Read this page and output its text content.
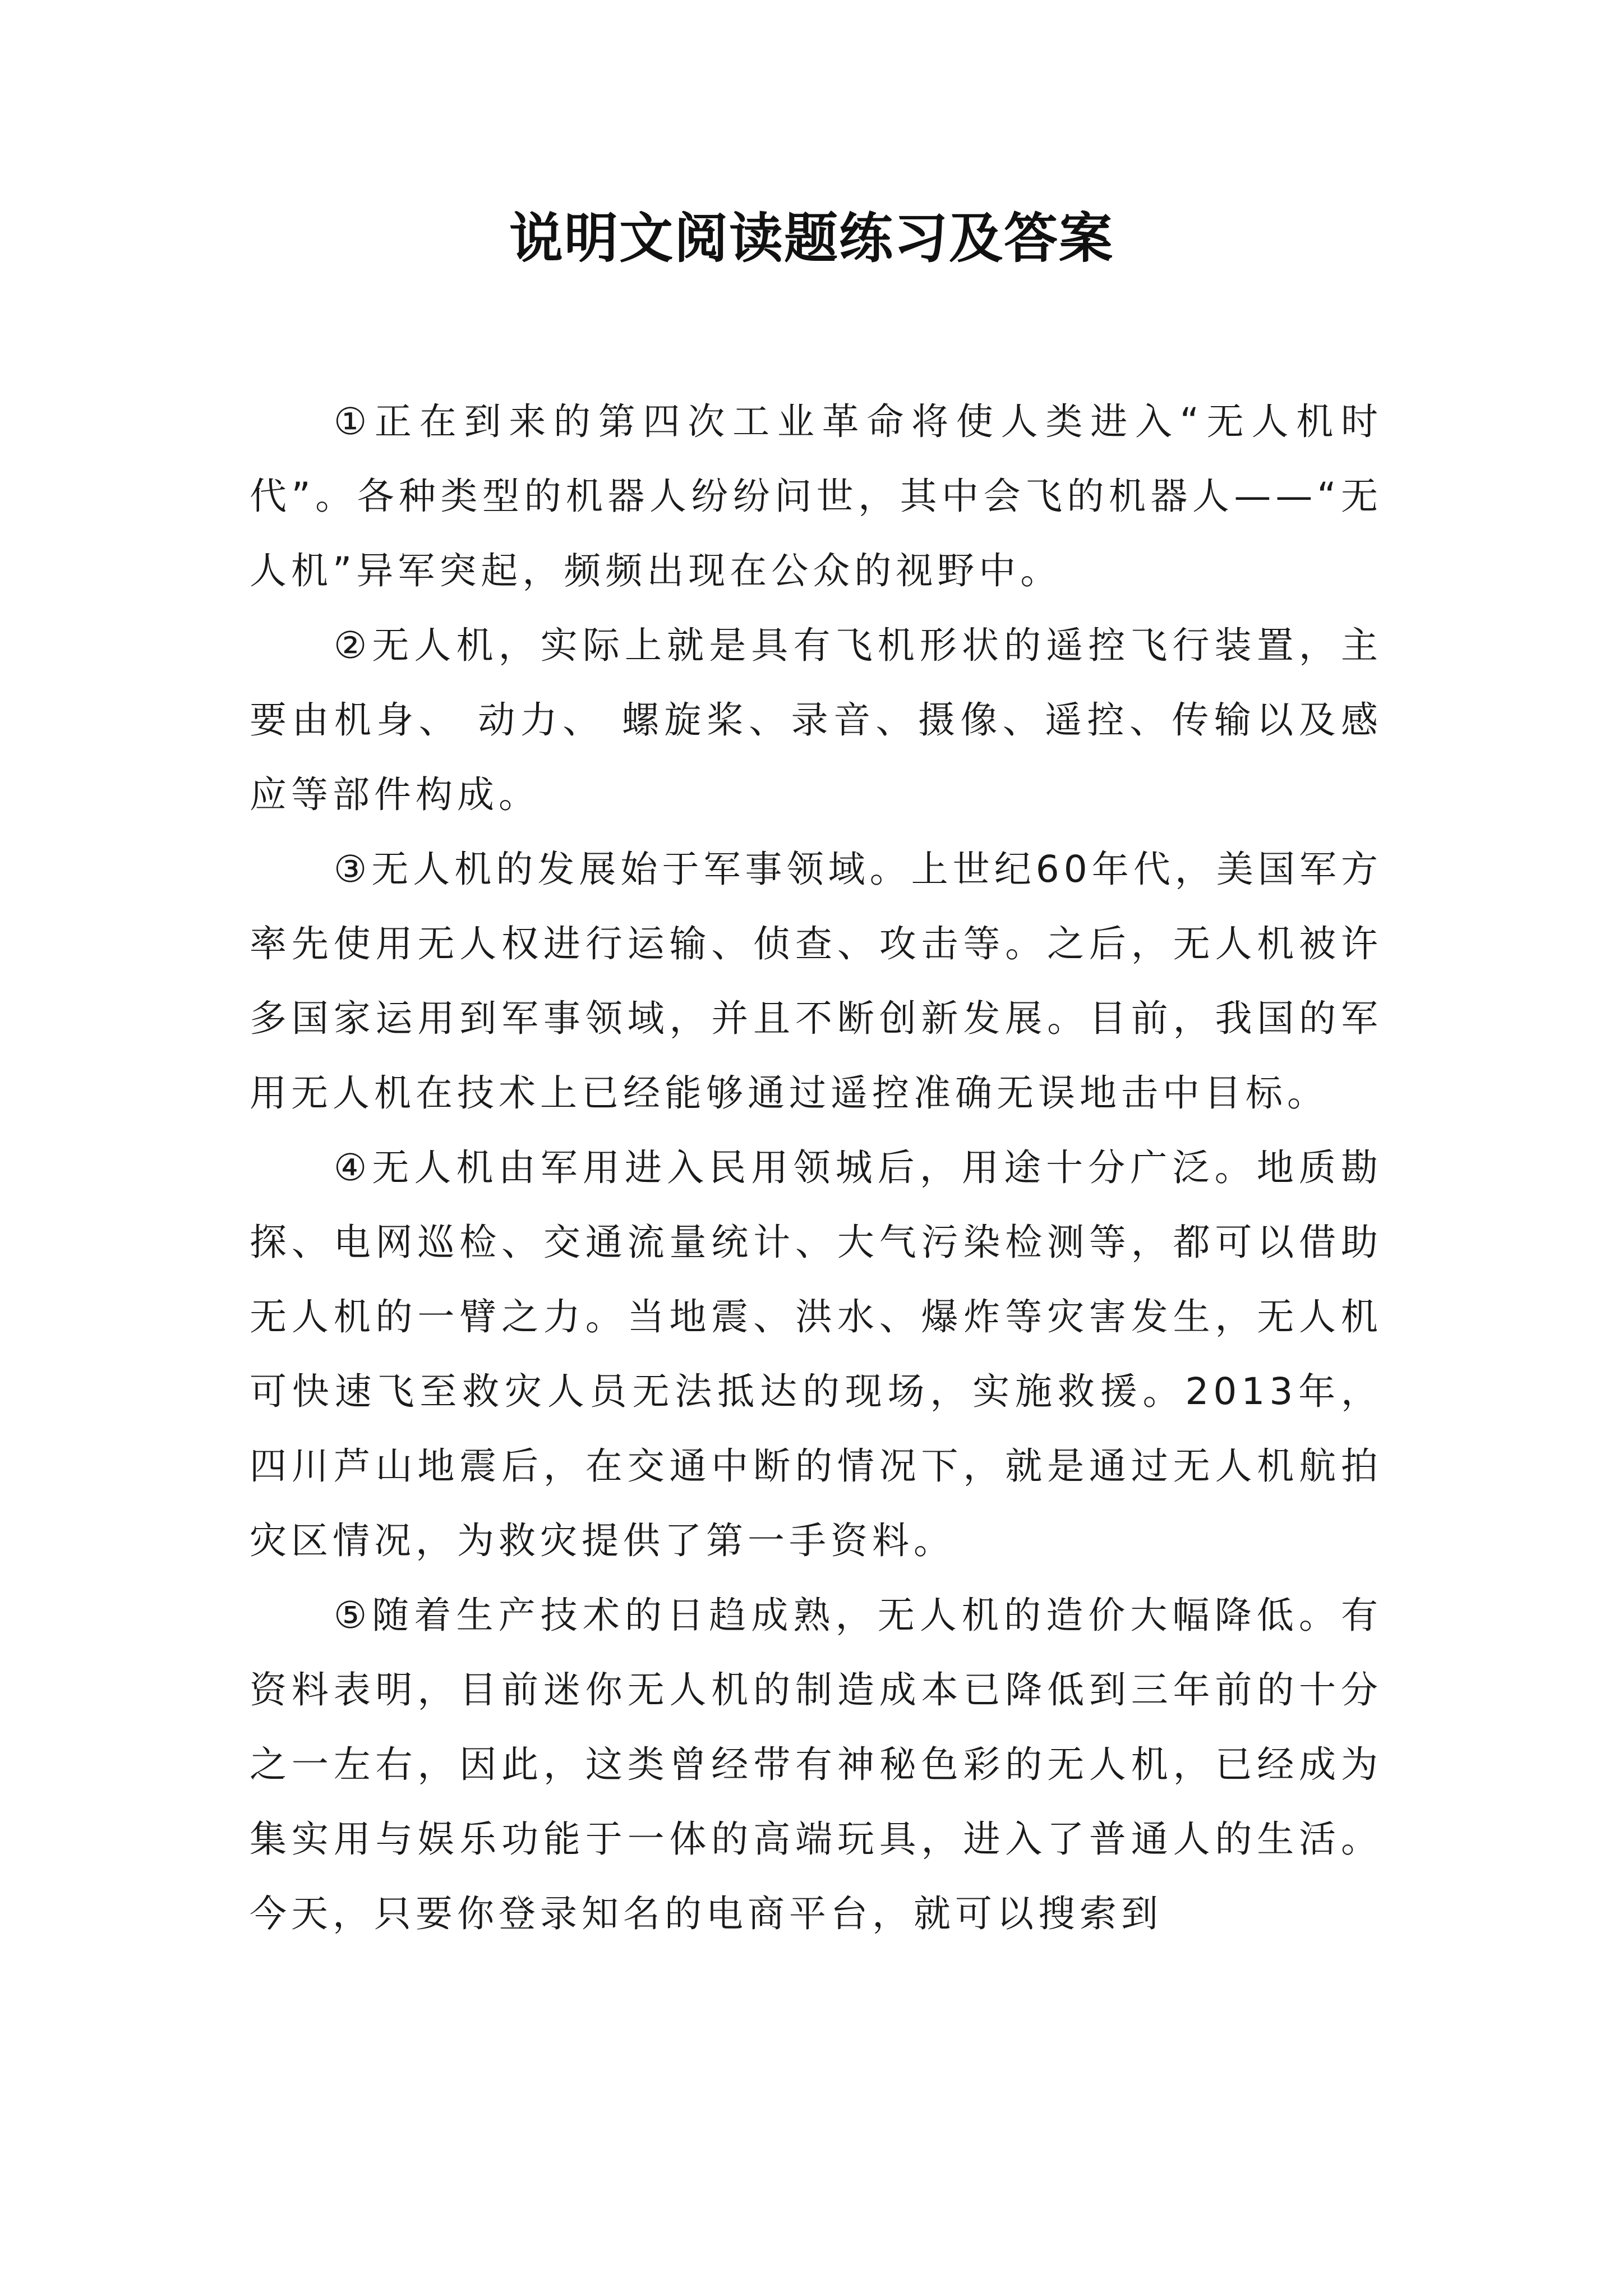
说明文阅读题练习及答案

①正在到来的第四次工业革命将使人类进入“无人机时代”。各种类型的机器人纷纷问世，其中会飞的机器人——“无人机”异军突起，频频出现在公众的视野中。

②无人机，实际上就是具有飞机形状的遥控飞行装置，主要由机身、 动力、 螺旋桨、录音、摄像、遥控、传输以及感应等部件构成。

③无人机的发展始于军事领域。上世纪60年代，美国军方率先使用无人权进行运输、侦查、攻击等。之后，无人机被许多国家运用到军事领域，并且不断创新发展。目前，我国的军用无人机在技术上已经能够通过遥控准确无误地击中目标。

④无人机由军用进入民用领城后，用途十分广泛。地质勘探、电网巡检、交通流量统计、大气污染检测等，都可以借助无人机的一臂之力。当地震、洪水、爆炸等灾害发生，无人机可快速飞至救灾人员无法抵达的现场，实施救援。2013年，四川芦山地震后，在交通中断的情况下，就是通过无人机航拍灾区情况，为救灾提供了第一手资料。

⑤随着生产技术的日趋成熟，无人机的造价大幅降低。有资料表明，目前迷你无人机的制造成本已降低到三年前的十分之一左右，因此，这类曾经带有神秘色彩的无人机，已经成为集实用与娱乐功能于一体的高端玩具，进入了普通人的生活。今天，只要你登录知名的电商平台，就可以搜索到
